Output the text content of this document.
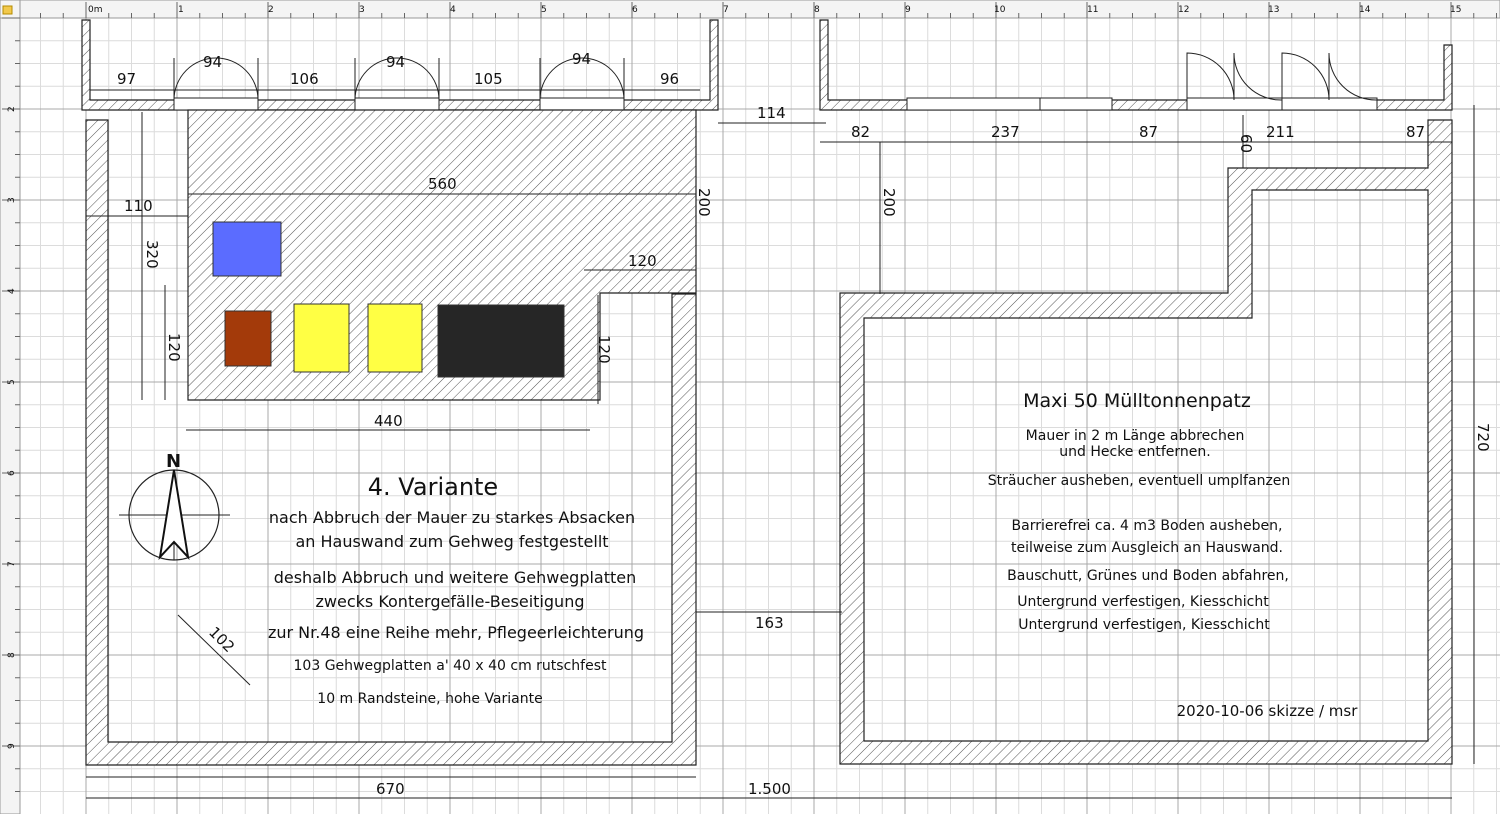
0m	1	2	3	4	5	6	7	8	9	10	11	12	13	14	15
2
3
4
5
6
7
8
9
N
97
94
106
94
105
94
96
114
82	237	87
60
211	87
560
200
110
320
120
120
120
440
200
720
163
102
670	1.500
4. Variante
nach Abbruch der Mauer zu starkes Absacken
an Hauswand zum Gehweg festgestellt
deshalb Abbruch und weitere Gehwegplatten
zwecks Kontergefälle-Beseitigung
zur Nr.48 eine Reihe mehr, Pflegeerleichterung
103 Gehwegplatten a' 40 x 40 cm rutschfest
10 m Randsteine, hohe Variante
Maxi 50 Mülltonnenpatz
Mauer in 2 m Länge abbrechen
und Hecke entfernen.
Sträucher ausheben, eventuell umplfanzen
Barrierefrei ca. 4 m3 Boden ausheben,
teilweise zum Ausgleich an Hauswand.
Bauschutt, Grünes und Boden abfahren,
Untergrund verfestigen, Kiesschicht
Untergrund verfestigen, Kiesschicht
2020-10-06 skizze / msr
